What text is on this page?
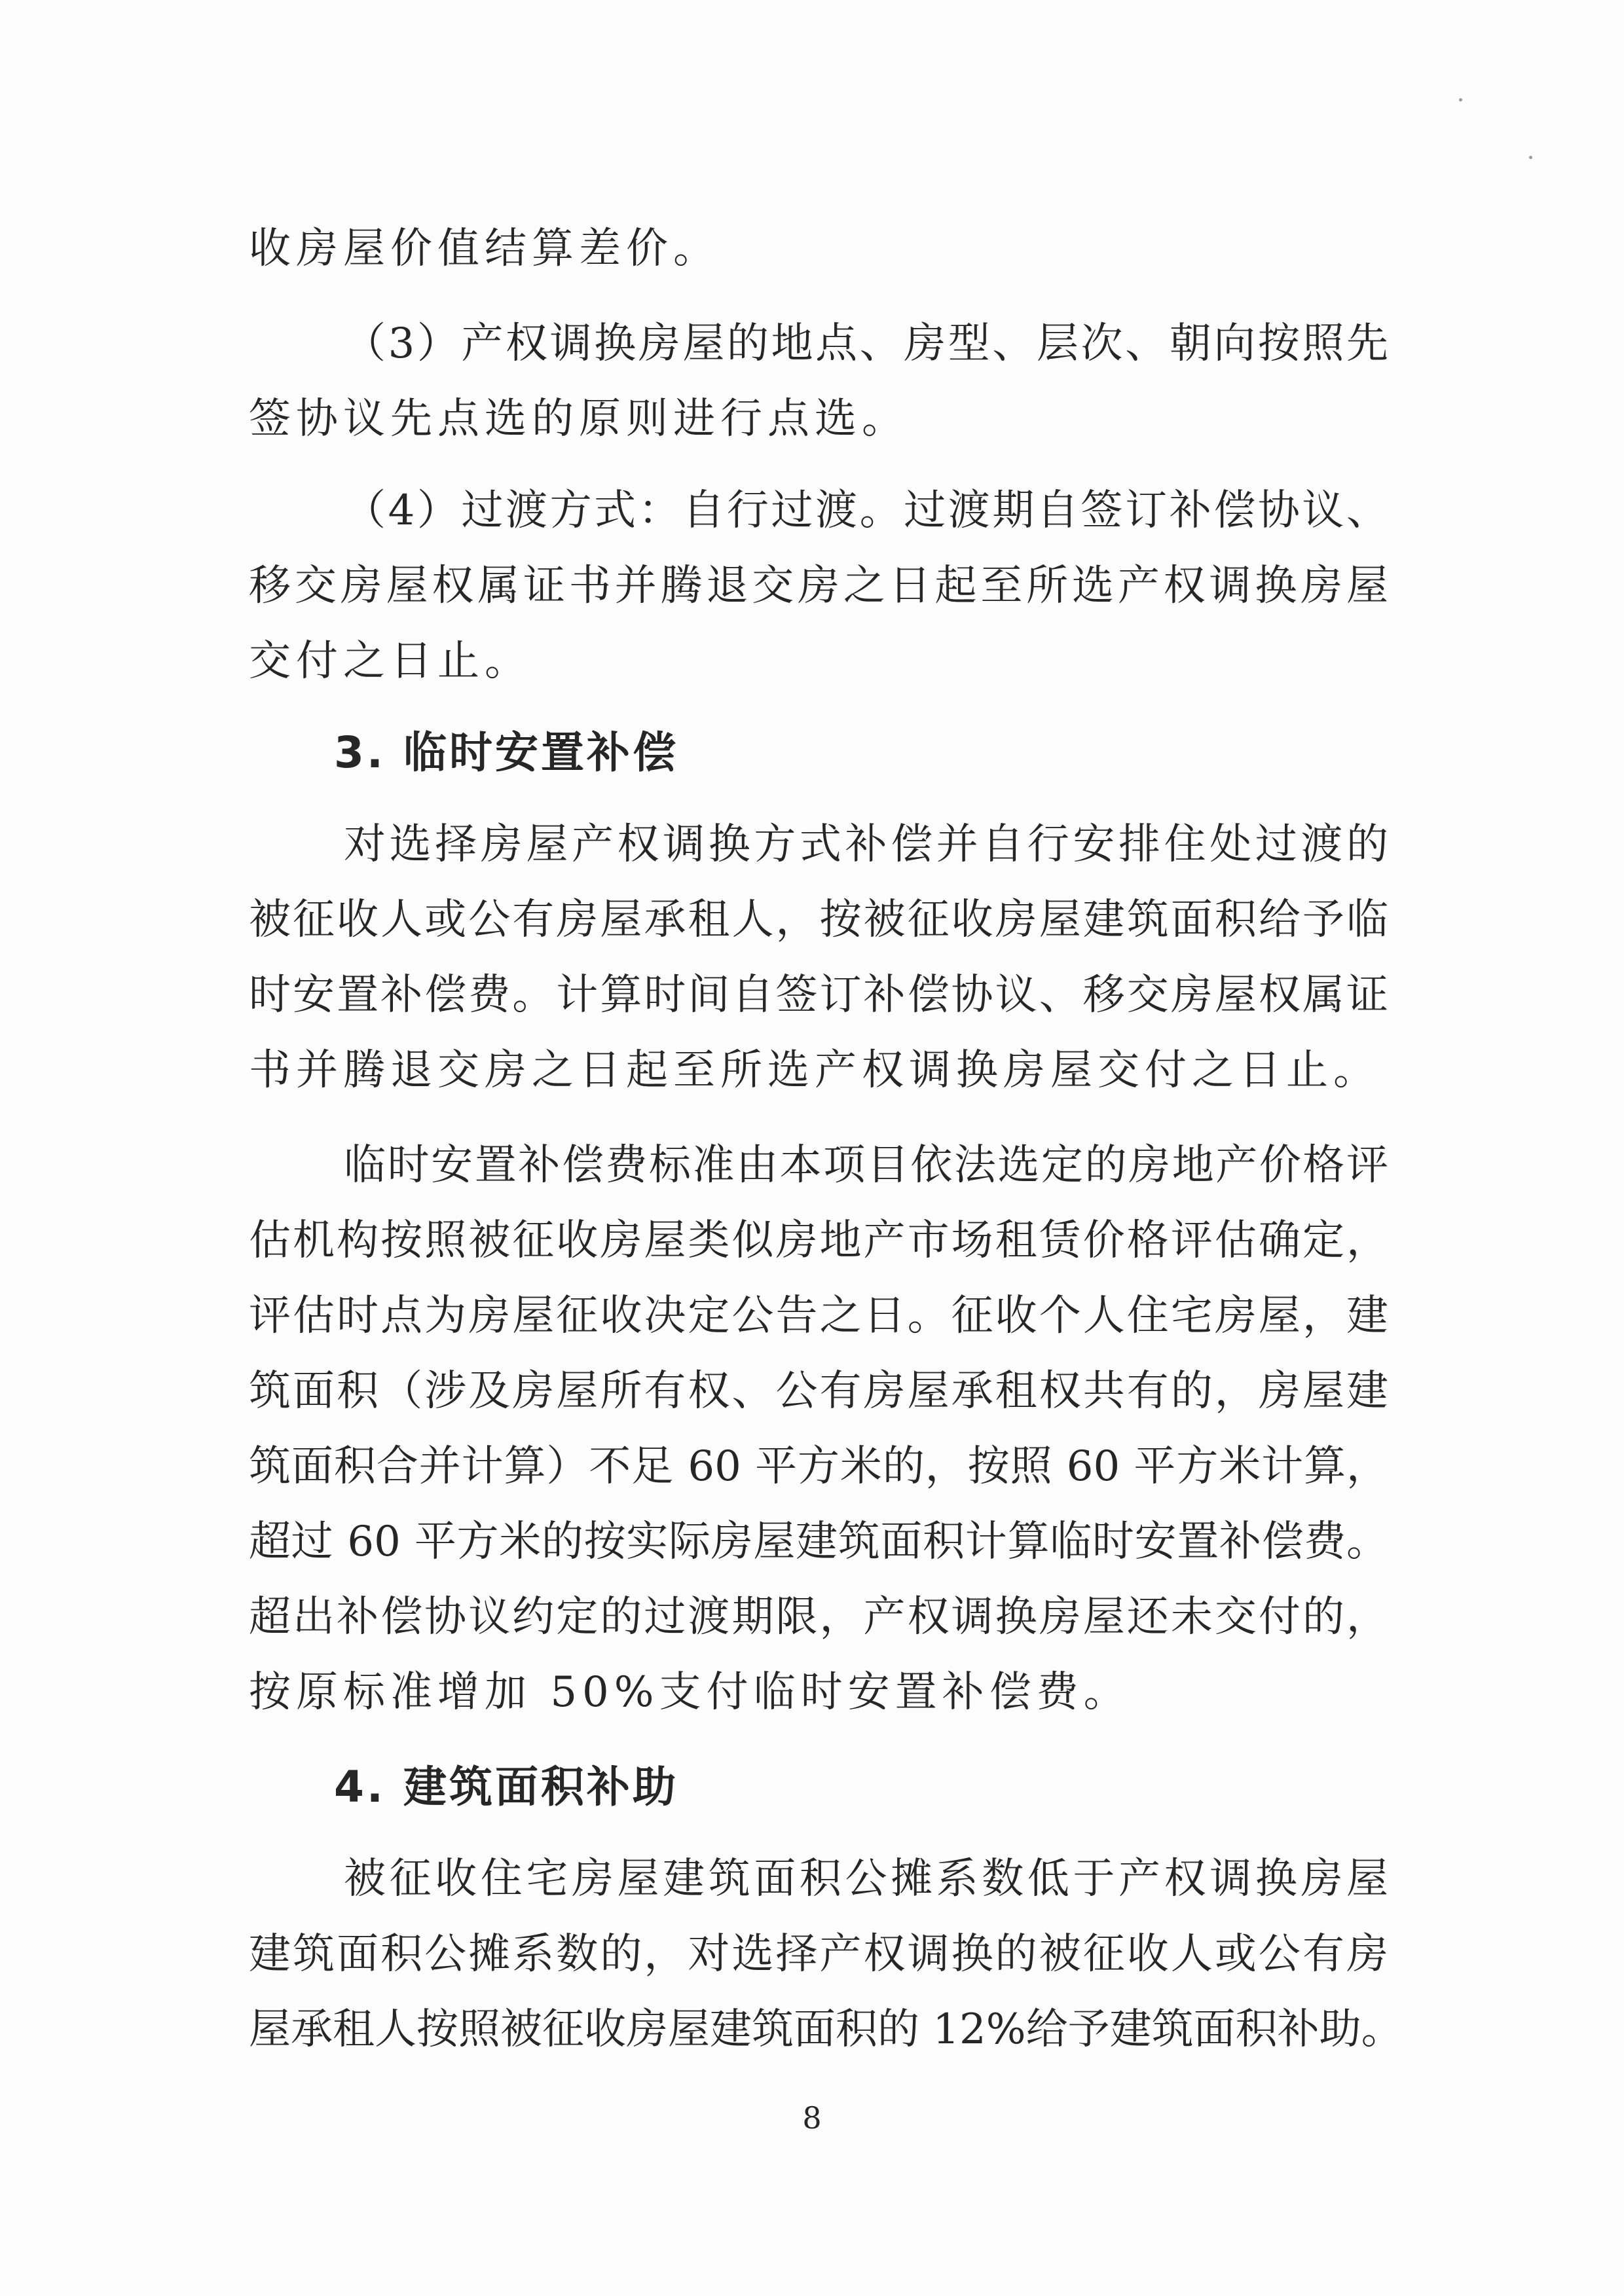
收房屋价值结算差价。
（3）产权调换房屋的地点、房型、层次、朝向按照先
签协议先点选的原则进行点选。
（4）过渡方式：自行过渡。过渡期自签订补偿协议、
移交房屋权属证书并腾退交房之日起至所选产权调换房屋
交付之日止。
3. 临时安置补偿
对选择房屋产权调换方式补偿并自行安排住处过渡的
被征收人或公有房屋承租人，按被征收房屋建筑面积给予临
时安置补偿费。计算时间自签订补偿协议、移交房屋权属证
书并腾退交房之日起至所选产权调换房屋交付之日止。
临时安置补偿费标准由本项目依法选定的房地产价格评
估机构按照被征收房屋类似房地产市场租赁价格评估确定，
评估时点为房屋征收决定公告之日。征收个人住宅房屋，建
筑面积（涉及房屋所有权、公有房屋承租权共有的，房屋建
筑面积合并计算）不足 60 平方米的，按照 60 平方米计算，
超过 60 平方米的按实际房屋建筑面积计算临时安置补偿费。
超出补偿协议约定的过渡期限，产权调换房屋还未交付的，
按原标准增加 50%支付临时安置补偿费。
4. 建筑面积补助
被征收住宅房屋建筑面积公摊系数低于产权调换房屋
建筑面积公摊系数的，对选择产权调换的被征收人或公有房
屋承租人按照被征收房屋建筑面积的 12%给予建筑面积补助。
8
